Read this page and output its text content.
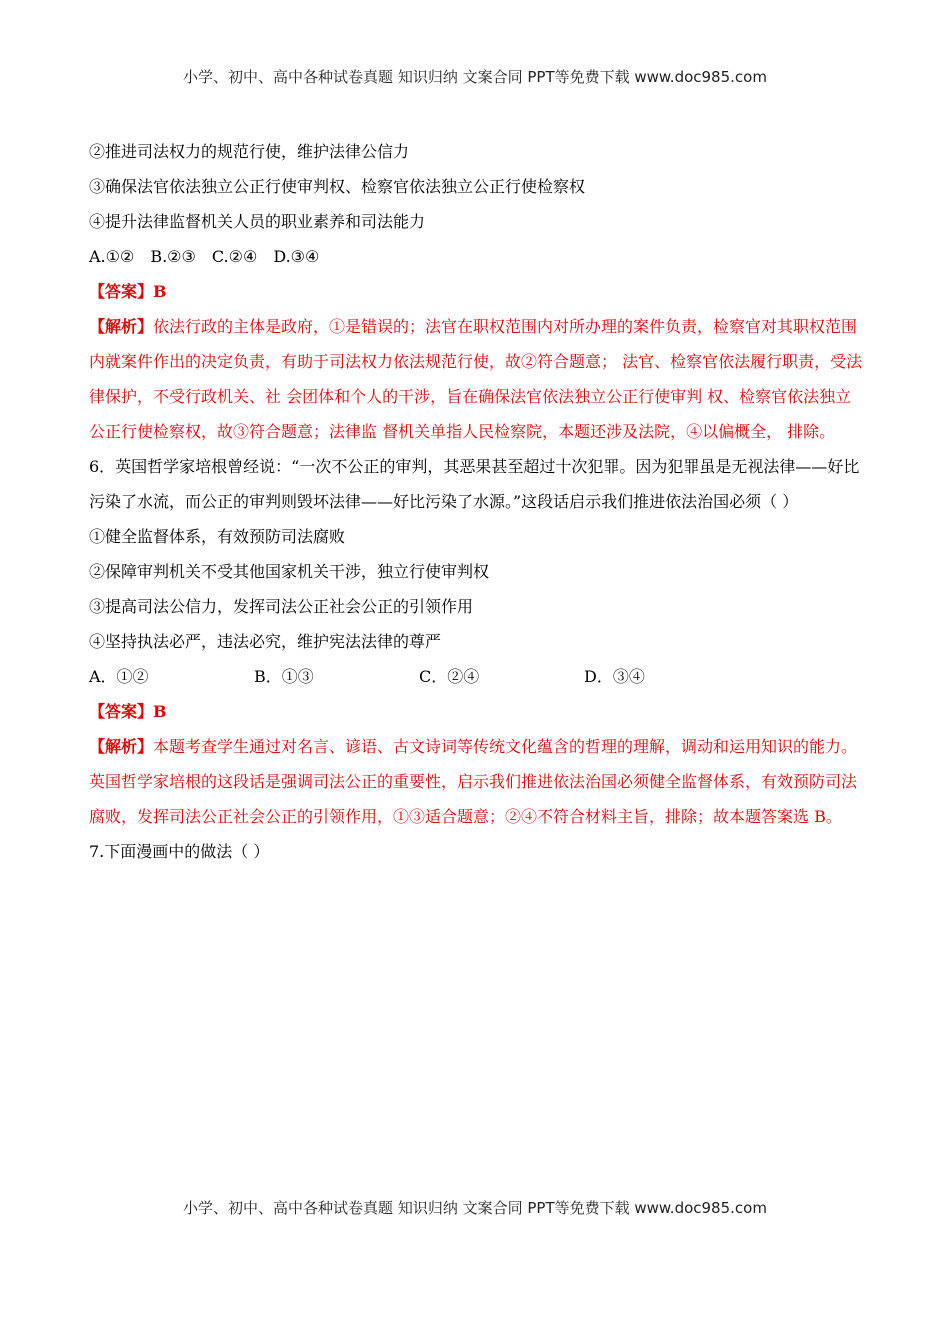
小学、初中、高中各种试卷真题 知识归纳 文案合同 PPT等免费下载 www.doc985.com
②推进司法权力的规范行使，维护法律公信力
③确保法官依法独立公正行使审判权、检察官依法独立公正行使检察权
④提升法律监督机关人员的职业素养和司法能力
A.①② B.②③ C.②④ D.③④
【答案】B
【解析】依法行政的主体是政府，①是错误的；法官在职权范围内对所办理的案件负责，检察官对其职权范围内就案件作出的决定负责，有助于司法权力依法规范行使，故②符合题意； 法官、检察官依法履行职责，受法律保护，不受行政机关、社 会团体和个人的干涉，旨在确保法官依法独立公正行使审判 权、检察官依法独立公正行使检察权，故③符合题意；法律监 督机关单指人民检察院，本题还涉及法院，④以偏概全， 排除。
6．英国哲学家培根曾经说：“一次不公正的审判，其恶果甚至超过十次犯罪。因为犯罪虽是无视法律——好比污染了水流，而公正的审判则毁坏法律——好比污染了水源。”这段话启示我们推进依法治国必须（ ）
①健全监督体系，有效预防司法腐败
②保障审判机关不受其他国家机关干涉，独立行使审判权
③提高司法公信力，发挥司法公正社会公正的引领作用
④坚持执法必严，违法必究，维护宪法法律的尊严
A．①②	B．①③	C．②④	D．③④
【答案】B
【解析】本题考查学生通过对名言、谚语、古文诗词等传统文化蕴含的哲理的理解，调动和运用知识的能力。英国哲学家培根的这段话是强调司法公正的重要性，启示我们推进依法治国必须健全监督体系，有效预防司法腐败，发挥司法公正社会公正的引领作用，①③适合题意；②④不符合材料主旨，排除；故本题答案选 B。
7.下面漫画中的做法（ ）
小学、初中、高中各种试卷真题 知识归纳 文案合同 PPT等免费下载 www.doc985.com
